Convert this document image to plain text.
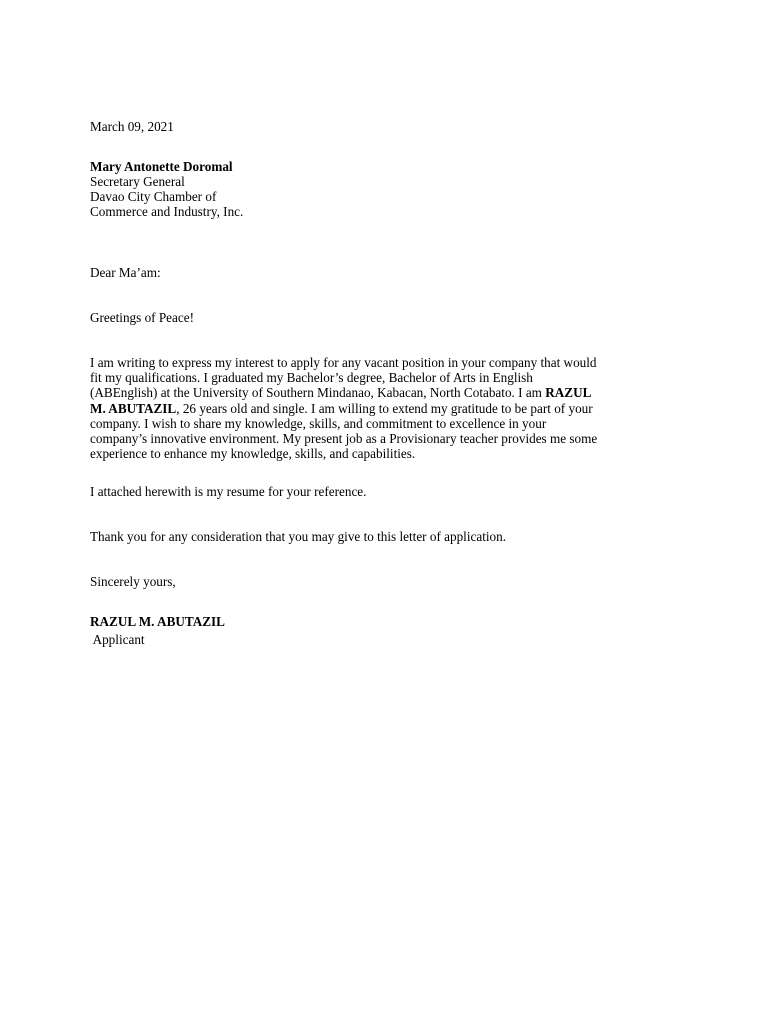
March 09, 2021

Mary Antonette Doromal

Secretary General

Davao City Chamber of

Commerce and Industry, Inc.

Dear Ma’am:

Greetings of Peace!

I am writing to express my interest to apply for any vacant position in your company that would
fit my qualifications. I graduated my Bachelor’s degree, Bachelor of Arts in English
(ABEnglish) at the University of Southern Mindanao, Kabacan, North Cotabato. I am RAZUL
M. ABUTAZIL, 26 years old and single. I am willing to extend my gratitude to be part of your
company. I wish to share my knowledge, skills, and commitment to excellence in your
company’s innovative environment. My present job as a Provisionary teacher provides me some
experience to enhance my knowledge, skills, and capabilities.

I attached herewith is my resume for your reference.

Thank you for any consideration that you may give to this letter of application.

Sincerely yours,

RAZUL M. ABUTAZIL

Applicant
